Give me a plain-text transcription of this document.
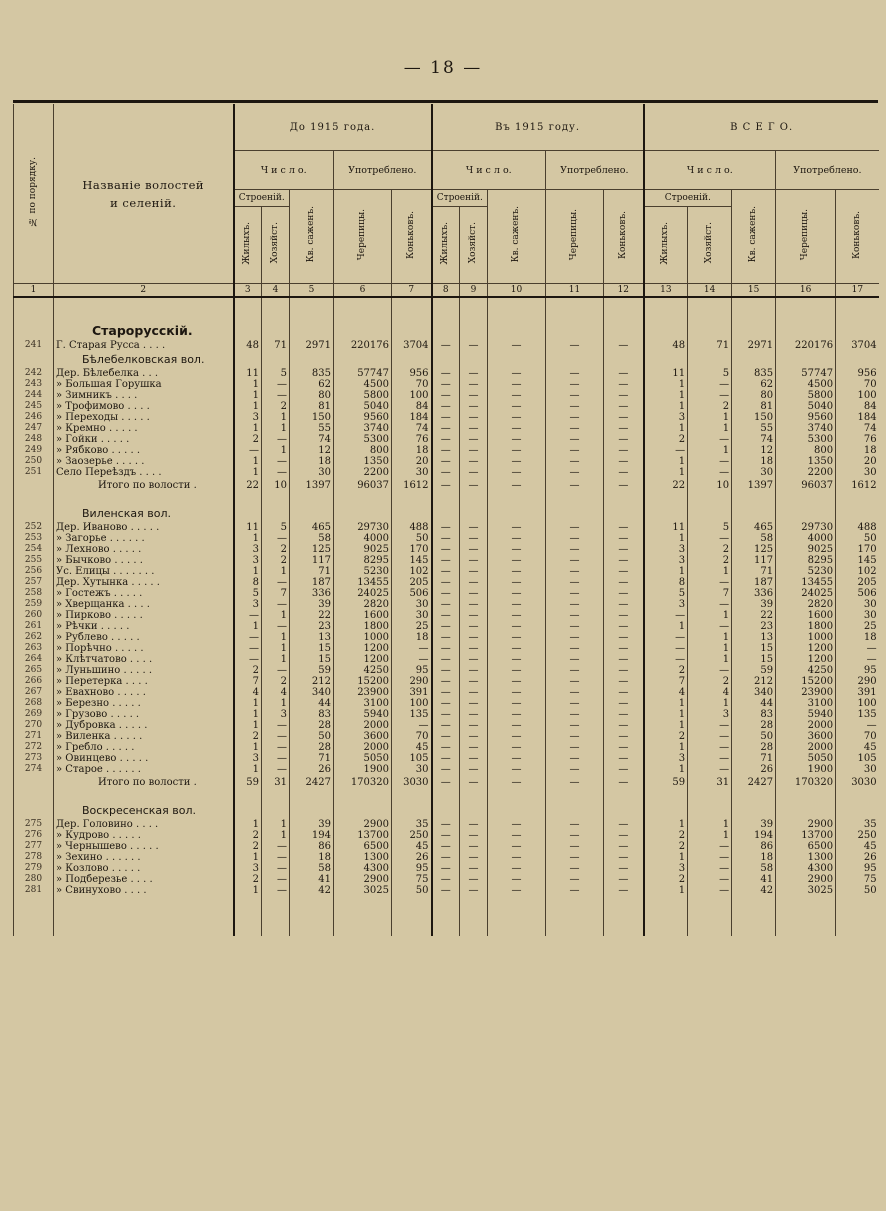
— 18 —
№ по порядку.	Названіе волостей
и селеній.	До 1915 года.					Въ 1915 году.					В С Е Г О.				
		Ч и с л о.			Употреблено.		Ч и с л о.			Употреблено.		Ч и с л о.			Употреблено.	
		Строеній.		Кв. саженъ.	Черепицы.	Коньковъ.	Строеній.		Кв. саженъ.	Черепицы.	Коньковъ.	Строеній.		Кв. саженъ.	Черепицы.	Коньковъ.
		Жилыхъ.	Хозяйст.				Жилыхъ.	Хозяйст.				Жилыхъ.	Хозяйст.			
1	2	3	4	5	6	7	8	9	10	11	12	13	14	15	16	17

	Старорусскій.															
241	Г. Старая Русса . . . .	48	71	2971	220176	3704	—	—	—	—	—	48	71	2971	220176	3704
	Бѣлебелковская вол.															
242	Дер. Бѣлебелка . . .	11	5	835	57747	956	—	—	—	—	—	11	5	835	57747	956
243	» Большая Горушка	1	—	62	4500	70	—	—	—	—	—	1	—	62	4500	70
244	» Зимникъ . . . .	1	—	80	5800	100	—	—	—	—	—	1	—	80	5800	100
245	» Трофимово . . . .	1	2	81	5040	84	—	—	—	—	—	1	2	81	5040	84
246	» Переходы . . . . .	3	1	150	9560	184	—	—	—	—	—	3	1	150	9560	184
247	» Кремно . . . . .	1	1	55	3740	74	—	—	—	—	—	1	1	55	3740	74
248	» Гойки . . . . .	2	—	74	5300	76	—	—	—	—	—	2	—	74	5300	76
249	» Рябково . . . . .	—	1	12	800	18	—	—	—	—	—	—	1	12	800	18
250	» Заозерье . . . . .	1	—	18	1350	20	—	—	—	—	—	1	—	18	1350	20
251	Село Переѣздъ . . . .	1	—	30	2200	30	—	—	—	—	—	1	—	30	2200	30
	Итого по волости .	22	10	1397	96037	1612	—	—	—	—	—	22	10	1397	96037	1612

	Виленская вол.															
252	Дер. Иваново . . . . .	11	5	465	29730	488	—	—	—	—	—	11	5	465	29730	488
253	» Загорье . . . . . .	1	—	58	4000	50	—	—	—	—	—	1	—	58	4000	50
254	» Лехново . . . . .	3	2	125	9025	170	—	—	—	—	—	3	2	125	9025	170
255	» Бычково . . . . .	3	2	117	8295	145	—	—	—	—	—	3	2	117	8295	145
256	Ус. Елицы . . . . . . .	1	1	71	5230	102	—	—	—	—	—	1	1	71	5230	102
257	Дер. Хутынка . . . . .	8	—	187	13455	205	—	—	—	—	—	8	—	187	13455	205
258	» Гостежъ . . . . .	5	7	336	24025	506	—	—	—	—	—	5	7	336	24025	506
259	» Хверщанка . . . .	3	—	39	2820	30	—	—	—	—	—	3	—	39	2820	30
260	» Пирково . . . . .	—	1	22	1600	30	—	—	—	—	—	—	1	22	1600	30
261	» Рѣчки . . . . .	1	—	23	1800	25	—	—	—	—	—	1	—	23	1800	25
262	» Рублево . . . . .	—	1	13	1000	18	—	—	—	—	—	—	1	13	1000	18
263	» Порѣчно . . . . .	—	1	15	1200	—	—	—	—	—	—	—	1	15	1200	—
264	» Клѣтчатово . . . .	—	1	15	1200	—	—	—	—	—	—	—	1	15	1200	—
265	» Луньшино . . . . .	2	—	59	4250	95	—	—	—	—	—	2	—	59	4250	95
266	» Перетерка . . . .	7	2	212	15200	290	—	—	—	—	—	7	2	212	15200	290
267	» Евахново . . . . .	4	4	340	23900	391	—	—	—	—	—	4	4	340	23900	391
268	» Березно . . . . .	1	1	44	3100	100	—	—	—	—	—	1	1	44	3100	100
269	» Грузово . . . . .	1	3	83	5940	135	—	—	—	—	—	1	3	83	5940	135
270	» Дубровка . . . . .	1	—	28	2000	—	—	—	—	—	—	1	—	28	2000	—
271	» Виленка . . . . .	2	—	50	3600	70	—	—	—	—	—	2	—	50	3600	70
272	» Гребло . . . . .	1	—	28	2000	45	—	—	—	—	—	1	—	28	2000	45
273	» Овинцево . . . . .	3	—	71	5050	105	—	—	—	—	—	3	—	71	5050	105
274	» Старое . . . . . .	1	—	26	1900	30	—	—	—	—	—	1	—	26	1900	30
	Итого по волости .	59	31	2427	170320	3030	—	—	—	—	—	59	31	2427	170320	3030

	Воскресенская вол.															
275	Дер. Головино . . . .	1	1	39	2900	35	—	—	—	—	—	1	1	39	2900	35
276	» Кудрово . . . . .	2	1	194	13700	250	—	—	—	—	—	2	1	194	13700	250
277	» Чернышево . . . . .	2	—	86	6500	45	—	—	—	—	—	2	—	86	6500	45
278	» Зехино . . . . . .	1	—	18	1300	26	—	—	—	—	—	1	—	18	1300	26
279	» Козлово . . . . .	3	—	58	4300	95	—	—	—	—	—	3	—	58	4300	95
280	» Подберезье . . . .	2	—	41	2900	75	—	—	—	—	—	2	—	41	2900	75
281	» Свинухово . . . .	1	—	42	3025	50	—	—	—	—	—	1	—	42	3025	50
